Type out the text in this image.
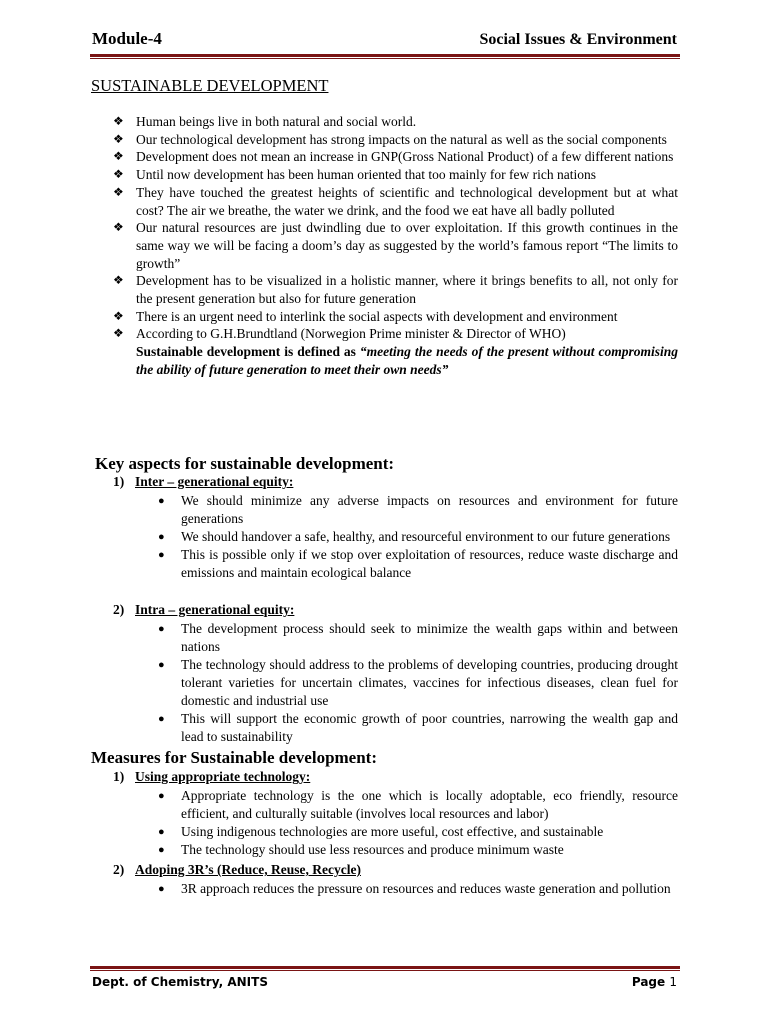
Module-4	Social Issues & Environment
SUSTAINABLE DEVELOPMENT
❖ Human beings live in both natural and social world.
❖ Our technological development has strong impacts on the natural as well as the social components
❖ Development does not mean an increase in GNP(Gross National Product) of a few different nations
❖ Until now development has been human oriented that too mainly for few rich nations
❖ They have touched the greatest heights of scientific and technological development but at what cost? The air we breathe, the water we drink, and the food we eat have all badly polluted
❖ Our natural resources are just dwindling due to over exploitation. If this growth continues in the same way we will be facing a doom’s day as suggested by the world’s famous report “The limits to growth”
❖ Development has to be visualized in a holistic manner, where it brings benefits to all, not only for the present generation but also for future generation
❖ There is an urgent need to interlink the social aspects with development and environment
❖ According to G.H.Brundtland (Norwegion Prime minister & Director of WHO)
Sustainable development is defined as “meeting the needs of the present without compromising the ability of future generation to meet their own needs”
Key aspects for sustainable development:
1) Inter – generational equity:
●	We should minimize any adverse impacts on resources and environment for future generations
●	We should handover a safe, healthy, and resourceful environment to our future generations
●	This is possible only if we stop over exploitation of resources, reduce waste discharge and emissions and maintain ecological balance
2) Intra – generational equity:
●	The development process should seek to minimize the wealth gaps within and between nations
●	The technology should address to the problems of developing countries, producing drought tolerant varieties for uncertain climates, vaccines for infectious diseases, clean fuel for domestic and industrial use
●	This will support the economic growth of poor countries, narrowing the wealth gap and lead to sustainability
Measures for Sustainable development:
1) Using appropriate technology:
●	Appropriate technology is the one which is locally adoptable, eco friendly, resource efficient, and culturally suitable (involves local resources and labor)
●	Using indigenous technologies are more useful, cost effective, and sustainable
●	The technology should use less resources and produce minimum waste
2) Adoping 3R’s (Reduce, Reuse, Recycle)
●	3R approach reduces the pressure on resources and reduces waste generation and pollution
Dept. of Chemistry, ANITS	Page 1
